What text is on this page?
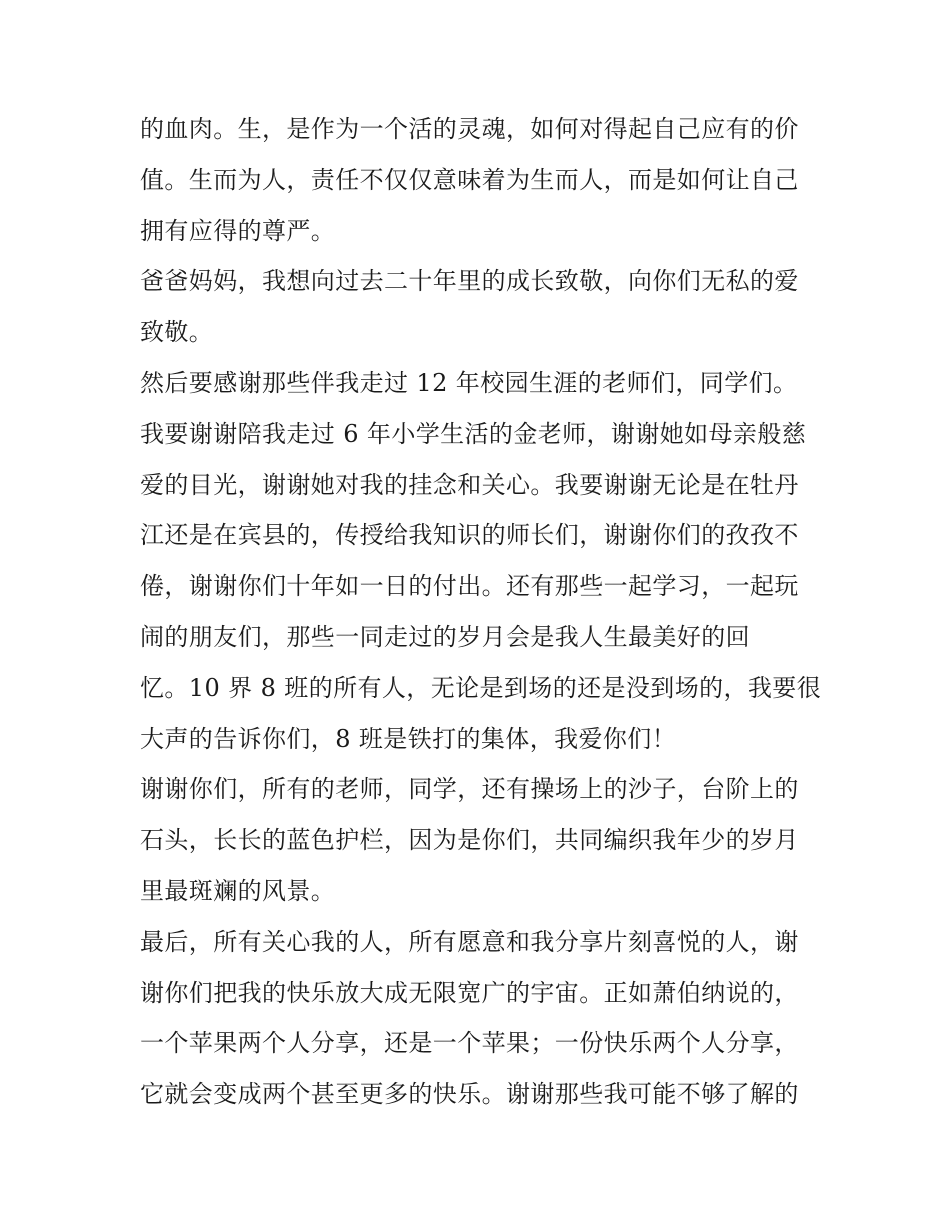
的血肉。生，是作为一个活的灵魂，如何对得起自己应有的价
值。生而为人，责任不仅仅意味着为生而人，而是如何让自己
拥有应得的尊严。
爸爸妈妈，我想向过去二十年里的成长致敬，向你们无私的爱
致敬。
然后要感谢那些伴我走过 12 年校园生涯的老师们，同学们。
我要谢谢陪我走过 6 年小学生活的金老师，谢谢她如母亲般慈
爱的目光，谢谢她对我的挂念和关心。我要谢谢无论是在牡丹
江还是在宾县的，传授给我知识的师长们，谢谢你们的孜孜不
倦，谢谢你们十年如一日的付出。还有那些一起学习，一起玩
闹的朋友们，那些一同走过的岁月会是我人生最美好的回
忆。10 界 8 班的所有人，无论是到场的还是没到场的，我要很
大声的告诉你们，8 班是铁打的集体，我爱你们！
谢谢你们，所有的老师，同学，还有操场上的沙子，台阶上的
石头，长长的蓝色护栏，因为是你们，共同编织我年少的岁月
里最斑斓的风景。
最后，所有关心我的人，所有愿意和我分享片刻喜悦的人，谢
谢你们把我的快乐放大成无限宽广的宇宙。正如萧伯纳说的，
一个苹果两个人分享，还是一个苹果；一份快乐两个人分享，
它就会变成两个甚至更多的快乐。谢谢那些我可能不够了解的
